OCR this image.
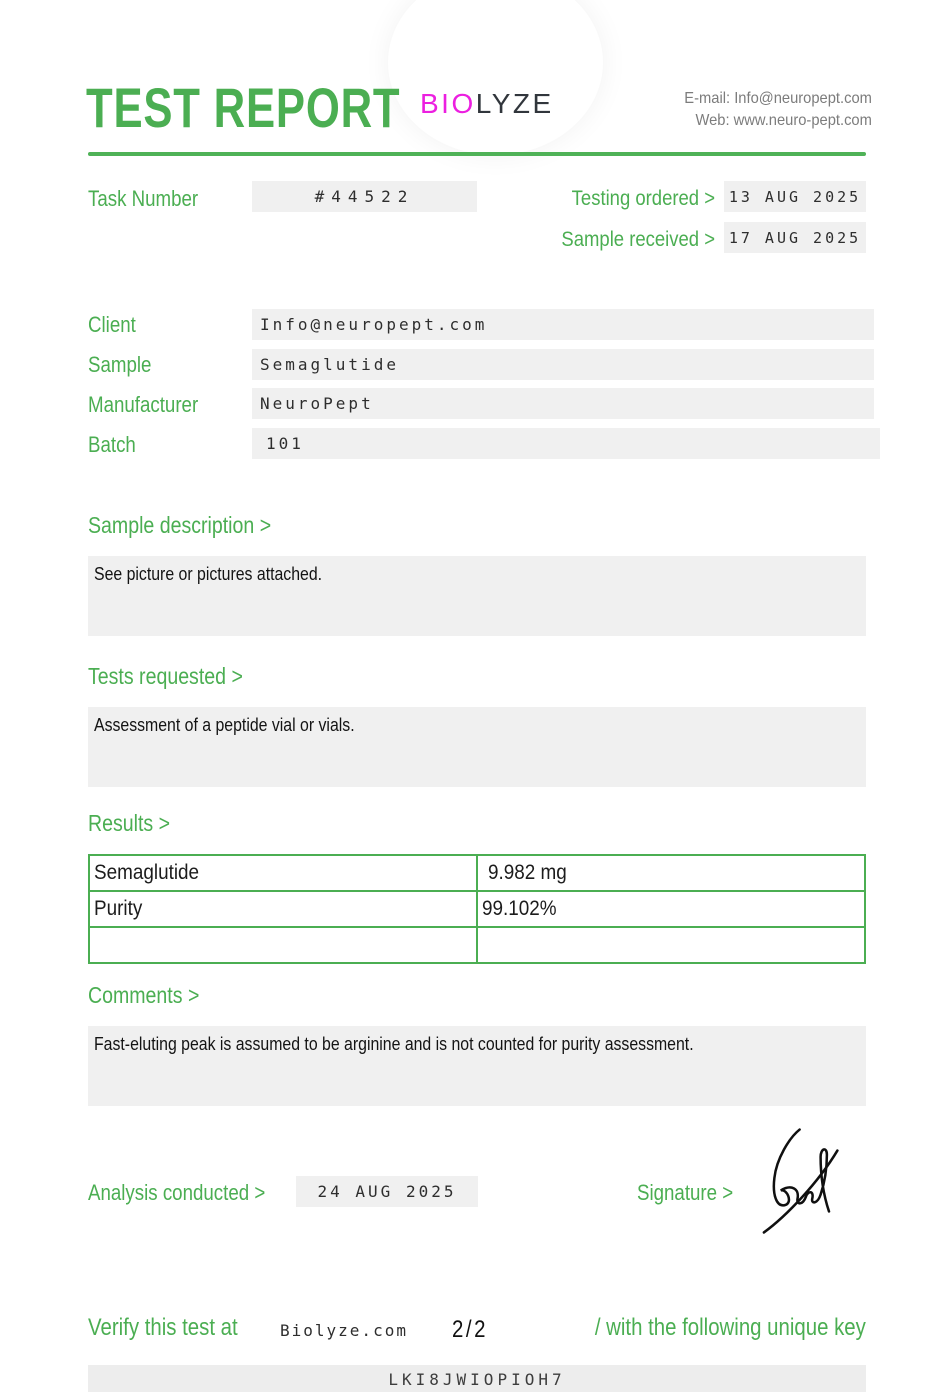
TEST REPORT BIOLYZE	E-mail: Info@neuropept.com
Web: www.neuro-pept.com
Task Number	#44522	Testing ordered > 13 AUG 2025
Sample received > 17 AUG 2025
Client	Info@neuropept.com
Sample	Semaglutide
Manufacturer	NeuroPept
Batch	101
Sample description >
See picture or pictures attached.
Tests requested >
Assessment of a peptide vial or vials.
Results >
Semaglutide	9.982 mg
Purity	99.102%

Comments >
Fast-eluting peak is assumed to be arginine and is not counted for purity assessment.
Analysis conducted >	24 AUG 2025	Signature >
Verify this test at	Biolyze.com 2/2	/ with the following unique key
LKI8JWIOPIOH7
